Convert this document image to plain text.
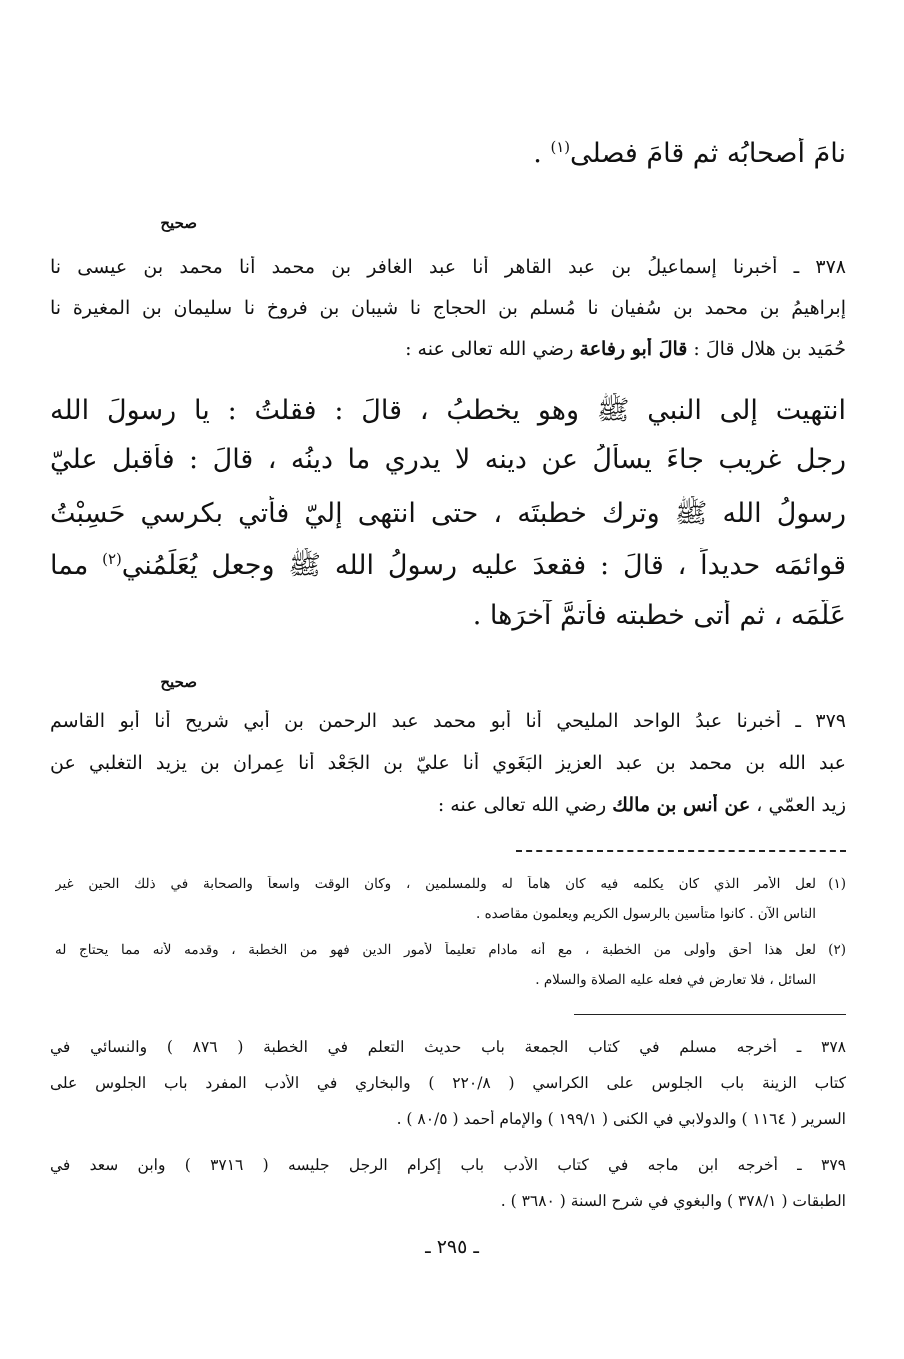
نامَ أصحابُه ثم قامَ فصلى$^{(١)}$ .
صحيح
٣٧٨ ـ أخبرنا إسماعيلُ بن عبد القاهر أنا عبد الغافر بن محمد أنا محمد بن عيسى نا
إبراهيمُ بن محمد بن سُفيان نا مُسلم بن الحجاج نا شيبان بن فروخ نا سليمان بن المغيرة نا
حُمَيد بن هلال قالَ : قالَ أبو رفاعة رضي الله تعالى عنه :
انتهيت إلى النبي ﷺ وهو يخطبُ ، قالَ : فقلتُ : يا رسولَ الله
رجل غريب جاءَ يسألُ عن دينه لا يدري ما دينُه ، قالَ : فأقبل عليّ
رسولُ الله ﷺ وترك خطبتَه ، حتى انتهى إليّ فأُتي بكرسي حَسِبْتُ
قوائمَه حديداً ، قالَ : فقعدَ عليه رسولُ الله ﷺ وجعل يُعَلِّمُني$^{(٢)}$ مما
عَلَّمَه ، ثم أتى خطبته فأتمَّ آخرَها .
صحيح
٣٧٩ ـ أخبرنا عبدُ الواحد المليحي أنا أبو محمد عبد الرحمن بن أبي شريح أنا أبو القاسم
عبد الله بن محمد بن عبد العزيز البَغَوي أنا عليّ بن الجَعْد أنا عِمران بن يزيد التغلبي عن
زيد العمّي ، عن أنس بن مالك رضي الله تعالى عنه :
(١)
لعل الأمر الذي كان يكلمه فيه كان هاماً له وللمسلمين ، وكان الوقت واسعاً والصحابة في ذلك الحين غير
الناس الآن . كانوا متأسين بالرسول الكريم ويعلمون مقاصده .
(٢)
لعل هذا أحق وأولى من الخطبة ، مع أنه مادام تعليماً لأمور الدين فهو من الخطبة ، وقدمه لأنه مما يحتاج له
السائل ، فلا تعارض في فعله عليه الصلاة والسلام .
٣٧٨ ـ أخرجه مسلم في كتاب الجمعة باب حديث التعلم في الخطبة ( ٨٧٦ ) والنسائي في
كتاب الزينة باب الجلوس على الكراسي ( ٢٢٠/٨ ) والبخاري في الأدب المفرد باب الجلوس على
السرير ( ١١٦٤ ) والدولابي في الكنى ( ١٩٩/١ ) والإمام أحمد ( ٨٠/٥ ) .
٣٧٩ ـ أخرجه ابن ماجه في كتاب الأدب باب إكرام الرجل جليسه ( ٣٧١٦ ) وابن سعد في
الطبقات ( ٣٧٨/١ ) والبغوي في شرح السنة ( ٣٦٨٠ ) .
ـ ٢٩٥ ـ
